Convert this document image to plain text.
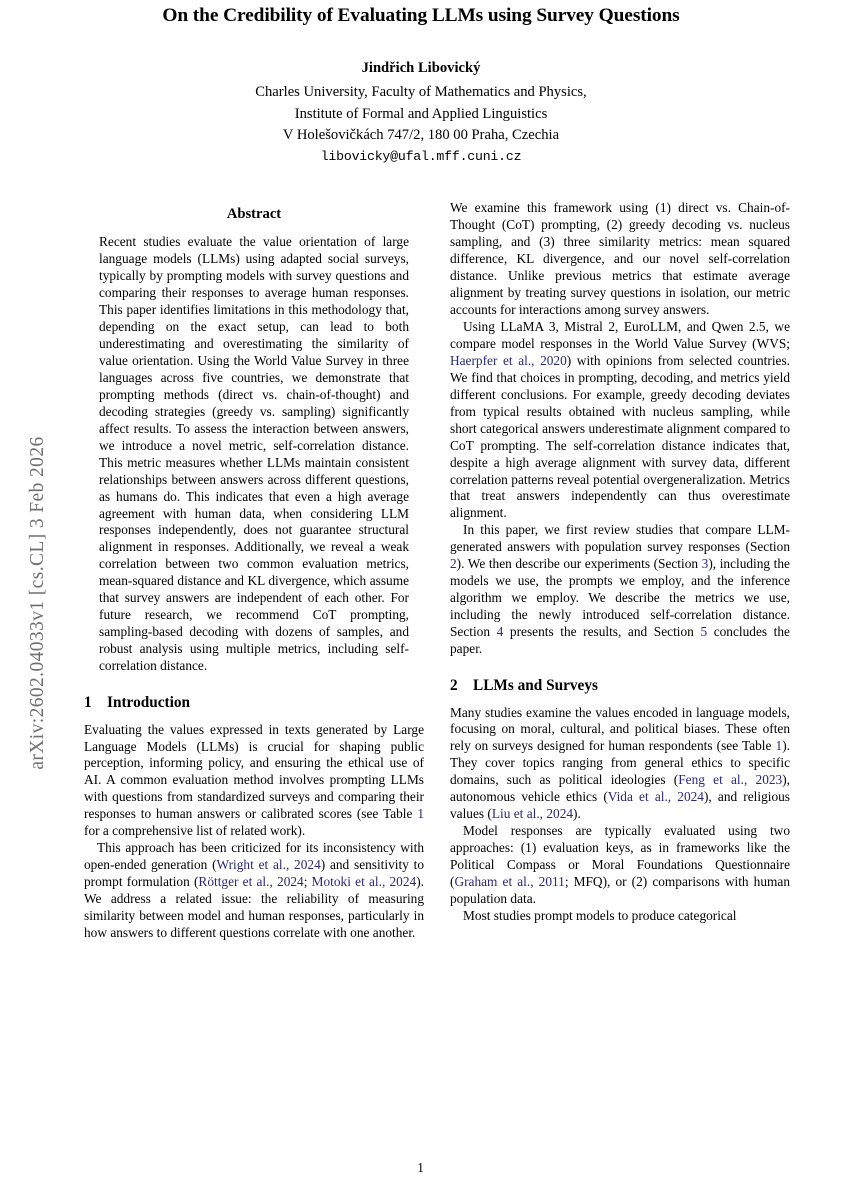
arXiv:2602.04033v1 [cs.CL] 3 Feb 2026
On the Credibility of Evaluating LLMs using Survey Questions
Jindřich Libovický
Charles University, Faculty of Mathematics and Physics,
Institute of Formal and Applied Linguistics
V Holešovičkách 747/2, 180 00 Praha, Czechia
libovicky@ufal.mff.cuni.cz
Abstract

Recent studies evaluate the value orientation of large language models (LLMs) using adapted social surveys, typically by prompting models with survey questions and comparing their responses to average human responses. This paper identifies limitations in this methodology that, depending on the exact setup, can lead to both underestimating and overestimating the similarity of value orientation. Using the World Value Survey in three languages across five countries, we demonstrate that prompting methods (direct vs. chain-of-thought) and decoding strategies (greedy vs. sampling) significantly affect results. To assess the interaction between answers, we introduce a novel metric, self-correlation distance. This metric measures whether LLMs maintain consistent relationships between answers across different questions, as humans do. This indicates that even a high average agreement with human data, when considering LLM responses independently, does not guarantee structural alignment in responses. Additionally, we reveal a weak correlation between two common evaluation metrics, mean-squared distance and KL divergence, which assume that survey answers are independent of each other. For future research, we recommend CoT prompting, sampling-based decoding with dozens of samples, and robust analysis using multiple metrics, including self-correlation distance.

1 Introduction

Evaluating the values expressed in texts generated by Large Language Models (LLMs) is crucial for shaping public perception, informing policy, and ensuring the ethical use of AI. A common evaluation method involves prompting LLMs with questions from standardized surveys and comparing their responses to human answers or calibrated scores (see Table 1 for a comprehensive list of related work).

This approach has been criticized for its inconsistency with open-ended generation (Wright et al., 2024) and sensitivity to prompt formulation (Röttger et al., 2024; Motoki et al., 2024). We address a related issue: the reliability of measuring similarity between model and human responses, particularly in how answers to different questions correlate with one another.

We examine this framework using (1) direct vs. Chain-of-Thought (CoT) prompting, (2) greedy decoding vs. nucleus sampling, and (3) three similarity metrics: mean squared difference, KL divergence, and our novel self-correlation distance. Unlike previous metrics that estimate average alignment by treating survey questions in isolation, our metric accounts for interactions among survey answers.

Using LLaMA 3, Mistral 2, EuroLLM, and Qwen 2.5, we compare model responses in the World Value Survey (WVS; Haerpfer et al., 2020) with opinions from selected countries. We find that choices in prompting, decoding, and metrics yield different conclusions. For example, greedy decoding deviates from typical results obtained with nucleus sampling, while short categorical answers underestimate alignment compared to CoT prompting. The self-correlation distance indicates that, despite a high average alignment with survey data, different correlation patterns reveal potential overgeneralization. Metrics that treat answers independently can thus overestimate alignment.

In this paper, we first review studies that compare LLM-generated answers with population survey responses (Section 2). We then describe our experiments (Section 3), including the models we use, the prompts we employ, and the inference algorithm we employ. We describe the metrics we use, including the newly introduced self-correlation distance. Section 4 presents the results, and Section 5 concludes the paper.

2 LLMs and Surveys

Many studies examine the values encoded in language models, focusing on moral, cultural, and political biases. These often rely on surveys designed for human respondents (see Table 1). They cover topics ranging from general ethics to specific domains, such as political ideologies (Feng et al., 2023), autonomous vehicle ethics (Vida et al., 2024), and religious values (Liu et al., 2024).

Model responses are typically evaluated using two approaches: (1) evaluation keys, as in frameworks like the Political Compass or Moral Foundations Questionnaire (Graham et al., 2011; MFQ), or (2) comparisons with human population data.

Most studies prompt models to produce categorical

1
